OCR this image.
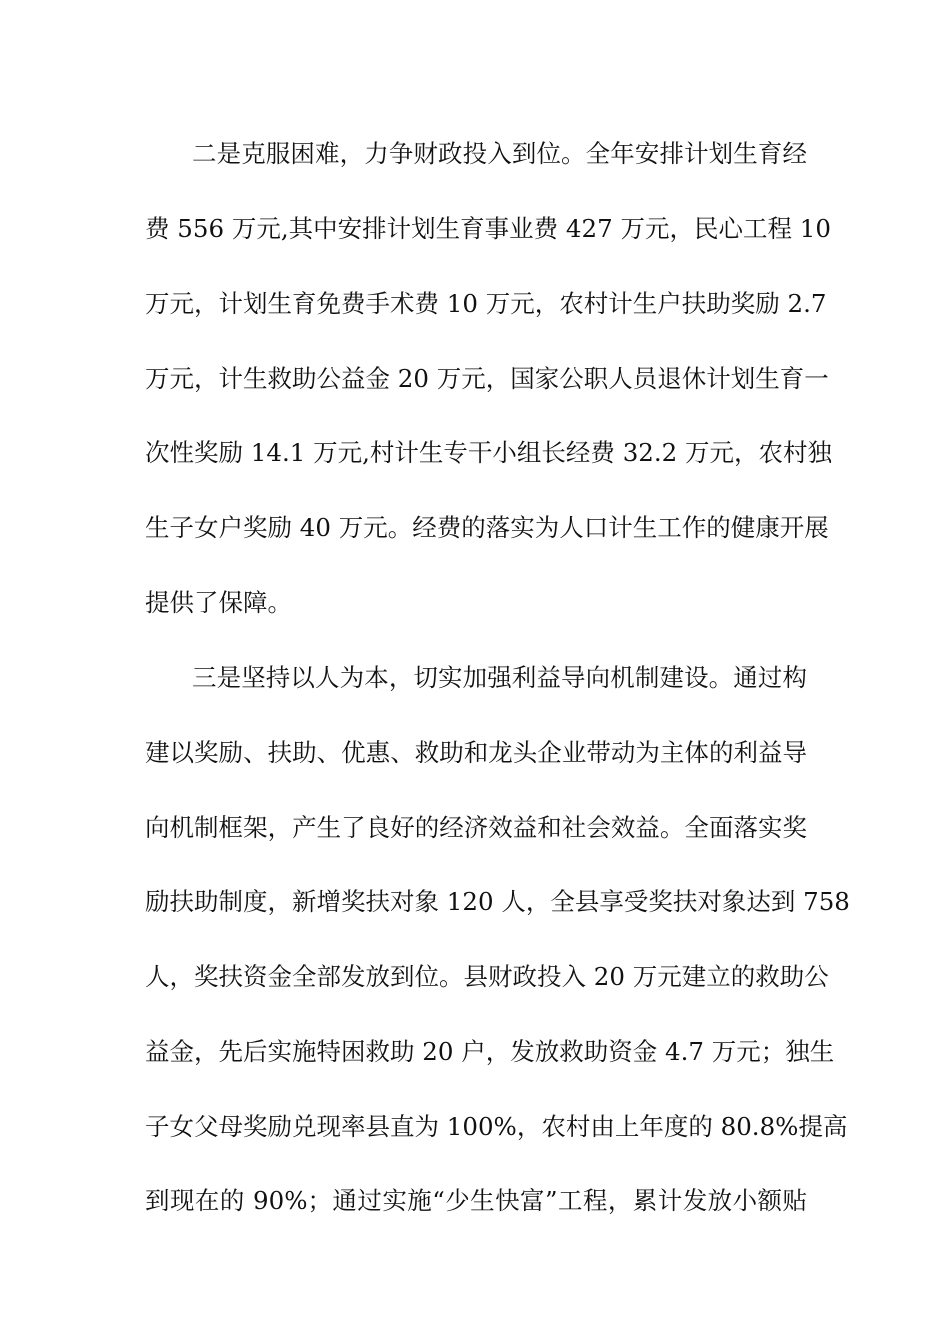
二是克服困难，力争财政投入到位。全年安排计划生育经
费 556 万元,其中安排计划生育事业费 427 万元，民心工程 10
万元，计划生育免费手术费 10 万元，农村计生户扶助奖励 2.7
万元，计生救助公益金 20 万元，国家公职人员退休计划生育一
次性奖励 14.1 万元,村计生专干小组长经费 32.2 万元，农村独
生子女户奖励 40 万元。经费的落实为人口计生工作的健康开展
提供了保障。
三是坚持以人为本，切实加强利益导向机制建设。通过构
建以奖励、扶助、优惠、救助和龙头企业带动为主体的利益导
向机制框架，产生了良好的经济效益和社会效益。全面落实奖
励扶助制度，新增奖扶对象 120 人，全县享受奖扶对象达到 758
人，奖扶资金全部发放到位。县财政投入 20 万元建立的救助公
益金，先后实施特困救助 20 户，发放救助资金 4.7 万元；独生
子女父母奖励兑现率县直为 100%，农村由上年度的 80.8%提高
到现在的 90%；通过实施“少生快富”工程，累计发放小额贴
